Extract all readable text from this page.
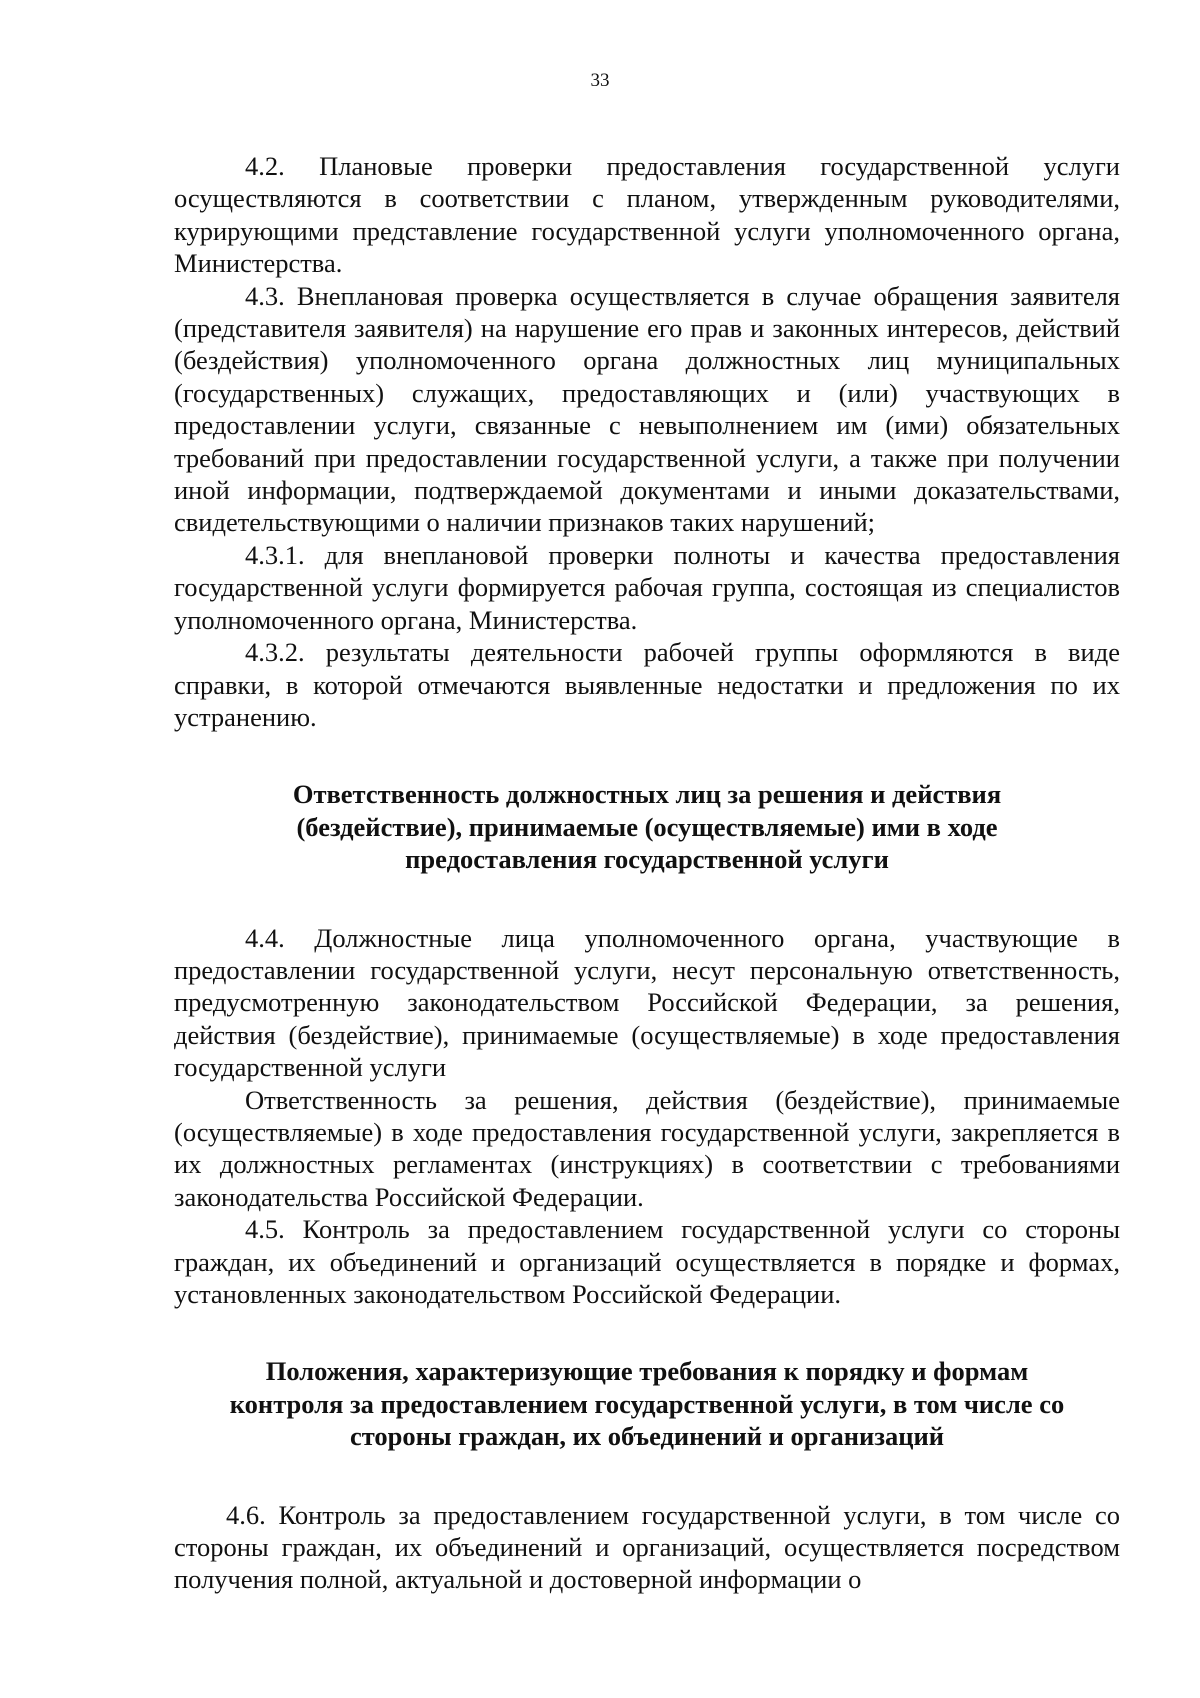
33

4.2. Плановые проверки предоставления государственной услуги осуществляются в соответствии с планом, утвержденным руководителями, курирующими представление государственной услуги уполномоченного органа, Министерства.

4.3. Внеплановая проверка осуществляется в случае обращения заявителя (представителя заявителя) на нарушение его прав и законных интересов, действий (бездействия) уполномоченного органа должностных лиц муниципальных (государственных) служащих, предоставляющих и (или) участвующих в предоставлении услуги, связанные с невыполнением им (ими) обязательных требований при предоставлении государственной услуги, а также при получении иной информации, подтверждаемой документами и иными доказательствами, свидетельствующими о наличии признаков таких нарушений;

4.3.1. для внеплановой проверки полноты и качества предоставления государственной услуги формируется рабочая группа, состоящая из специалистов уполномоченного органа, Министерства.

4.3.2. результаты деятельности рабочей группы оформляются в виде справки, в которой отмечаются выявленные недостатки и предложения по их устранению.

Ответственность должностных лиц за решения и действия
(бездействие), принимаемые (осуществляемые) ими в ходе
предоставления государственной услуги

4.4. Должностные лица уполномоченного органа, участвующие в предоставлении государственной услуги, несут персональную ответственность, предусмотренную законодательством Российской Федерации, за решения, действия (бездействие), принимаемые (осуществляемые) в ходе предоставления государственной услуги

Ответственность за решения, действия (бездействие), принимаемые (осуществляемые) в ходе предоставления государственной услуги, закрепляется в их должностных регламентах (инструкциях) в соответствии с требованиями законодательства Российской Федерации.

4.5. Контроль за предоставлением государственной услуги со стороны граждан, их объединений и организаций осуществляется в порядке и формах, установленных законодательством Российской Федерации.

Положения, характеризующие требования к порядку и формам
контроля за предоставлением государственной услуги, в том числе со
стороны граждан, их объединений и организаций

4.6. Контроль за предоставлением государственной услуги, в том числе со стороны граждан, их объединений и организаций, осуществляется посредством получения полной, актуальной и достоверной информации о
